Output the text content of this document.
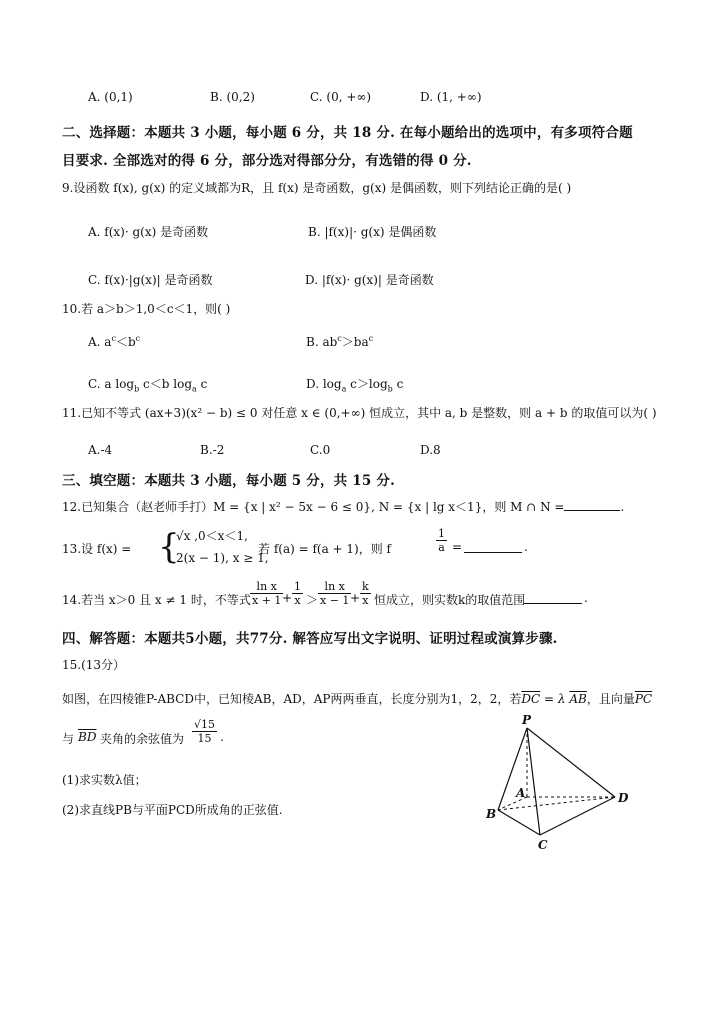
A. (0,1)	B. (0,2)	C. (0, +∞)	D. (1, +∞)
二、选择题：本题共 3 小题，每小题 6 分，共 18 分. 在每小题给出的选项中，有多项符合题
目要求. 全部选对的得 6 分，部分选对得部分分，有选错的得 0 分.
9.设函数 f(x), g(x) 的定义域都为R，且 f(x) 是奇函数，g(x) 是偶函数，则下列结论正确的是( )
A. f(x)· g(x) 是奇函数	B. |f(x)|· g(x) 是偶函数
C. f(x)·|g(x)| 是奇函数	D. |f(x)· g(x)| 是奇函数
10.若 a＞b＞1,0＜c＜1，则( )
A. $a^c<b^c$	B. $ab^c>ba^c$
C. a $\log_b c<b$ $\log_a c$	D. $\log_a c>\log_b$ c
11.已知不等式 (ax+3)(x² − b) ≤ 0 对任意 x ∈ (0,+∞) 恒成立，其中 a, b 是整数，则 a + b 的取值可以为( )
A.-4	B.-2	C.0	D.8
三、填空题：本题共 3 小题，每小题 5 分，共 15 分.
12.已知集合（赵老师手打）M = {x | x² − 5x − 6 ≤ 0}, N = {x | lg x＜1}，则 M ∩ N =	.
13.设 f(x) = {
√x ,0＜x＜1,
2(x − 1), x ≥ 1,
若 f(a) = f(a + 1)，则 f	$\frac{1}{a}$ =	.
14.若当 x＞0 且 x ≠ 1 时，不等式 $\frac{\text{ln x}}{x + 1}$
+ $\frac{1}{x} > \frac{\text{ln x}}{x - 1}$
+ $\frac{k}{x}$ 恒成立，则实数k的取值范围	.
四、解答题：本题共5小题，共77分. 解答应写出文字说明、证明过程或演算步骤.
15.(13分）
如图，在四棱锥P-ABCD中，已知棱AB，AD，AP两两垂直，长度分别为1，2，2，若$\overline{DC} = \lambda$ $\overline{AB}$，且向量$\overline{PC}$
与 $\overline{BD}$ 夹角的余弦值为 $\frac{√15}{15}$ .
(1)求实数λ值；
(2)求直线PB与平面PCD所成角的正弦值.
P
A	D
B
C
